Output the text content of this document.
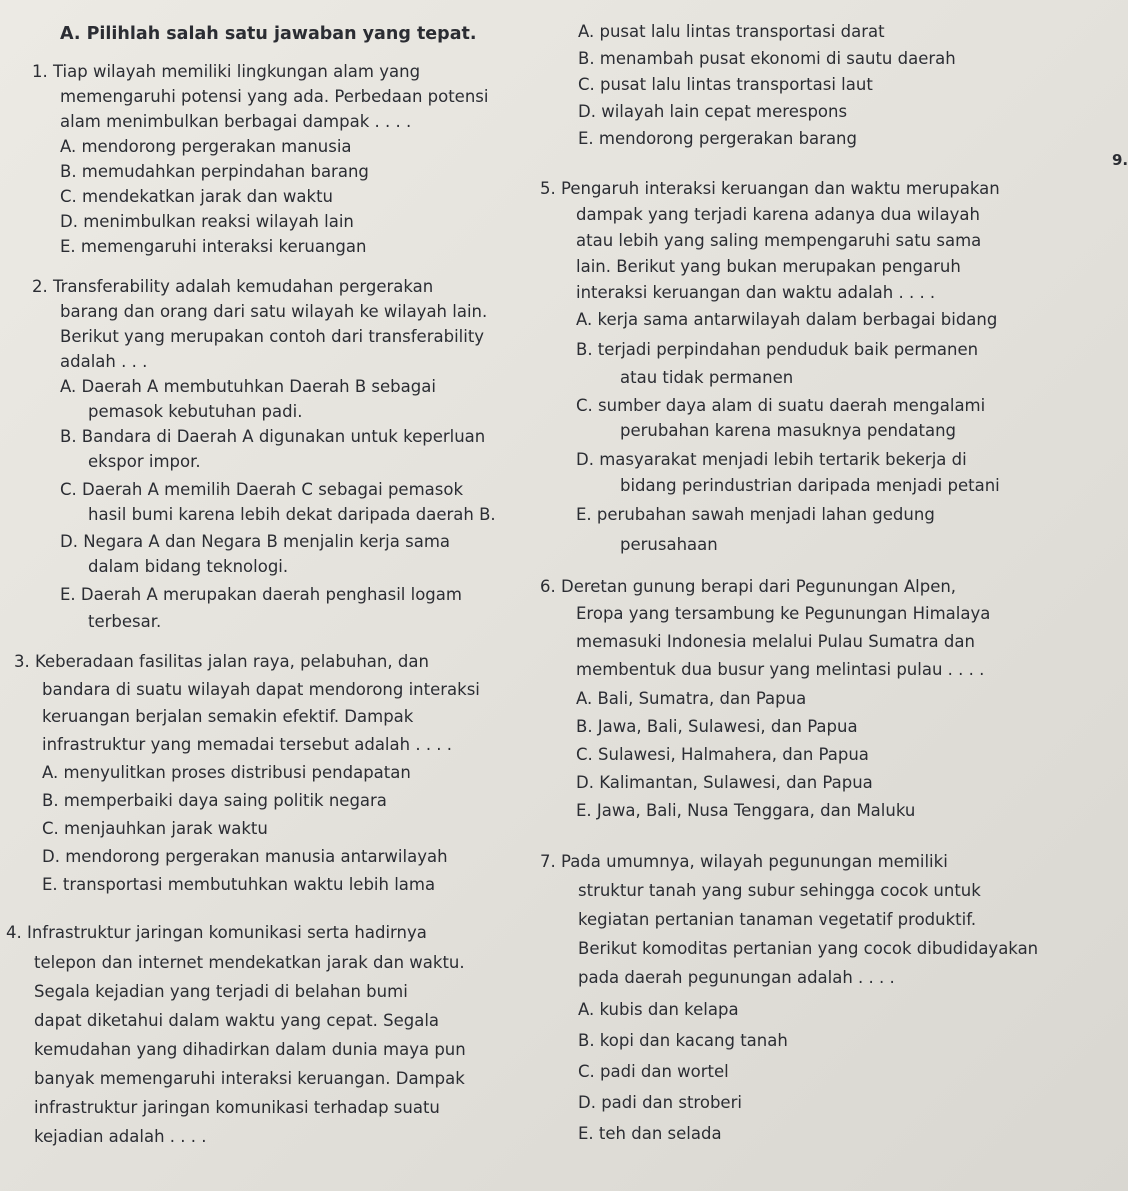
A. Pilihlah salah satu jawaban yang tepat.
9.
1. Tiap wilayah memiliki lingkungan alam yang
memengaruhi potensi yang ada. Perbedaan potensi
alam menimbulkan berbagai dampak . . . .
A. mendorong pergerakan manusia
B. memudahkan perpindahan barang
C. mendekatkan jarak dan waktu
D. menimbulkan reaksi wilayah lain
E. memengaruhi interaksi keruangan
2. Transferability adalah kemudahan pergerakan
barang dan orang dari satu wilayah ke wilayah lain.
Berikut yang merupakan contoh dari transferability
adalah . . .
A. Daerah A membutuhkan Daerah B sebagai
pemasok kebutuhan padi.
B. Bandara di Daerah A digunakan untuk keperluan
ekspor impor.
C. Daerah A memilih Daerah C sebagai pemasok
hasil bumi karena lebih dekat daripada daerah B.
D. Negara A dan Negara B menjalin kerja sama
dalam bidang teknologi.
E. Daerah A merupakan daerah penghasil logam
terbesar.
3. Keberadaan fasilitas jalan raya, pelabuhan, dan
bandara di suatu wilayah dapat mendorong interaksi
keruangan berjalan semakin efektif. Dampak
infrastruktur yang memadai tersebut adalah . . . .
A. menyulitkan proses distribusi pendapatan
B. memperbaiki daya saing politik negara
C. menjauhkan jarak waktu
D. mendorong pergerakan manusia antarwilayah
E. transportasi membutuhkan waktu lebih lama
4. Infrastruktur jaringan komunikasi serta hadirnya
telepon dan internet mendekatkan jarak dan waktu.
Segala kejadian yang terjadi di belahan bumi
dapat diketahui dalam waktu yang cepat. Segala
kemudahan yang dihadirkan dalam dunia maya pun
banyak memengaruhi interaksi keruangan. Dampak
infrastruktur jaringan komunikasi terhadap suatu
kejadian adalah . . . .
A. pusat lalu lintas transportasi darat
B. menambah pusat ekonomi di sautu daerah
C. pusat lalu lintas transportasi laut
D. wilayah lain cepat merespons
E. mendorong pergerakan barang
5. Pengaruh interaksi keruangan dan waktu merupakan
dampak yang terjadi karena adanya dua wilayah
atau lebih yang saling mempengaruhi satu sama
lain. Berikut yang bukan merupakan pengaruh
interaksi keruangan dan waktu adalah . . . .
A. kerja sama antarwilayah dalam berbagai bidang
B. terjadi perpindahan penduduk baik permanen
atau tidak permanen
C. sumber daya alam di suatu daerah mengalami
perubahan karena masuknya pendatang
D. masyarakat menjadi lebih tertarik bekerja di
bidang perindustrian daripada menjadi petani
E. perubahan sawah menjadi lahan gedung
perusahaan
6. Deretan gunung berapi dari Pegunungan Alpen,
Eropa yang tersambung ke Pegunungan Himalaya
memasuki Indonesia melalui Pulau Sumatra dan
membentuk dua busur yang melintasi pulau . . . .
A. Bali, Sumatra, dan Papua
B. Jawa, Bali, Sulawesi, dan Papua
C. Sulawesi, Halmahera, dan Papua
D. Kalimantan, Sulawesi, dan Papua
E. Jawa, Bali, Nusa Tenggara, dan Maluku
7. Pada umumnya, wilayah pegunungan memiliki
struktur tanah yang subur sehingga cocok untuk
kegiatan pertanian tanaman vegetatif produktif.
Berikut komoditas pertanian yang cocok dibudidayakan
pada daerah pegunungan adalah . . . .
A. kubis dan kelapa
B. kopi dan kacang tanah
C. padi dan wortel
D. padi dan stroberi
E. teh dan selada
